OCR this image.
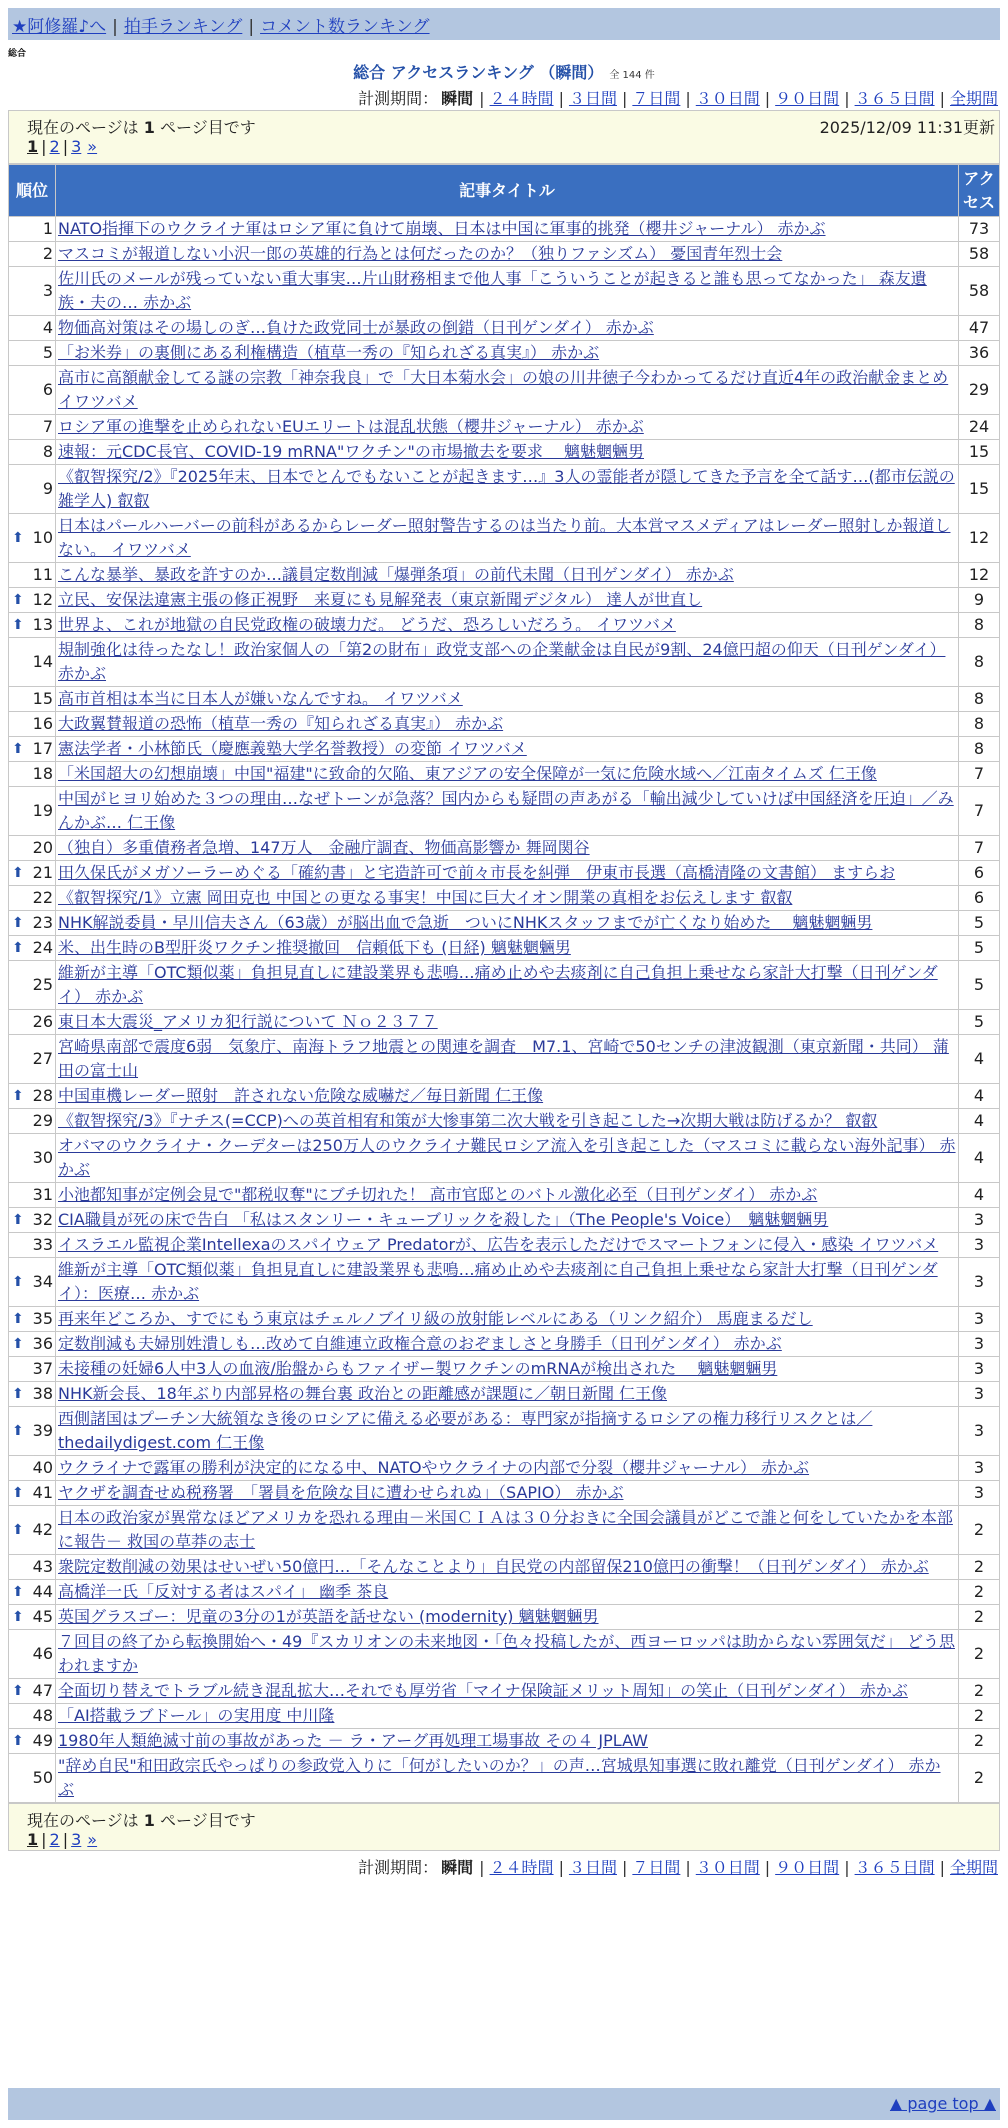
★阿修羅♪へ | 拍手ランキング | コメント数ランキング
総合
総合 アクセスランキング （瞬間） 全 144 件
計測期間： 瞬間 | ２４時間 | ３日間 | ７日間 | ３０日間 | ９０日間 | ３６５日間 | 全期間
現在のページは 1 ページ目です	2025/12/09 11:31更新
1 | 2 | 3 »
順位	記事タイトル	アクセス
1	NATO指揮下のウクライナ軍はロシア軍に負けて崩壊、日本は中国に軍事的挑発（櫻井ジャーナル） 赤かぶ	73
2	マスコミが報道しない小沢一郎の英雄的行為とは何だったのか？（独りファシズム） 憂国青年烈士会	58
3	佐川氏のメールが残っていない重大事実…片山財務相まで他人事「こういうことが起きると誰も思ってなかった」 森友遺族・夫の… 赤かぶ	58
4	物価高対策はその場しのぎ…負けた政党同士が暴政の倒錯（日刊ゲンダイ） 赤かぶ	47
5	「お米券」の裏側にある利権構造（植草一秀の『知られざる真実』） 赤かぶ	36
6	高市に高額献金してる謎の宗教「神奈我良」で「大日本菊水会」の娘の川井徳子今わかってるだけ直近4年の政治献金まとめ イワツバメ	29
7	ロシア軍の進撃を止められないEUエリートは混乱状態（櫻井ジャーナル） 赤かぶ	24
8	速報：元CDC長官、COVID-19 mRNA"ワクチン"の市場撤去を要求　 魑魅魍魎男	15
9	《叡智探究/2》『2025年末、日本でとんでもないことが起きます…』3人の霊能者が隠してきた予言を全て話す…(都市伝説の雑学人) 叡叡	15

⬆ 10	日本はパールハーバーの前科があるからレーダー照射警告するのは当たり前。大本営マスメディアはレーダー照射しか報道しない。 イワツバメ	12
11	こんな暴挙、暴政を許すのか…議員定数削減「爆弾条項」の前代未聞（日刊ゲンダイ） 赤かぶ	12

⬆ 12	立民、安保法違憲主張の修正視野　来夏にも見解発表（東京新聞デジタル） 達人が世直し	9

⬆ 13	世界よ、これが地獄の自民党政権の破壊力だ。 どうだ、恐ろしいだろう。 イワツバメ	8
14	規制強化は待ったなし！政治家個人の「第2の財布」政党支部への企業献金は自民が9割、24億円超の仰天（日刊ゲンダイ） 赤かぶ	8
15	高市首相は本当に日本人が嫌いなんですね。 イワツバメ	8
16	大政翼賛報道の恐怖（植草一秀の『知られざる真実』） 赤かぶ	8

⬆ 17	憲法学者・小林節氏（慶應義塾大学名誉教授）の変節 イワツバメ	8
18	「米国超大の幻想崩壊」中国"福建"に致命的欠陥、東アジアの安全保障が一気に危険水域へ／江南タイムズ 仁王像	7
19	中国がヒヨリ始めた３つの理由…なぜトーンが急落？国内からも疑問の声あがる「輸出減少していけば中国経済を圧迫」／みんかぶ… 仁王像	7
20	（独自）多重債務者急増、147万人　金融庁調査、物価高影響か 舞岡関谷	7

⬆ 21	田久保氏がメガソーラーめぐる「確約書」と宅造許可で前々市長を糾弾　伊東市長選（高橋清隆の文書館） ますらお	6
22	《叡智探究/1》立憲 岡田克也 中国との更なる事実！中国に巨大イオン開業の真相をお伝えします 叡叡	6

⬆ 23	NHK解説委員・早川信夫さん（63歳）が脳出血で急逝　ついにNHKスタッフまでが亡くなり始めた　 魑魅魍魎男	5

⬆ 24	米、出生時のB型肝炎ワクチン推奨撤回　信頼低下も (日経) 魑魅魍魎男	5
25	維新が主導「OTC類似薬」負担見直しに建設業界も悲鳴…痛め止めや去痰剤に自己負担上乗せなら家計大打撃（日刊ゲンダイ） 赤かぶ	5
26	東日本大震災_アメリカ犯行説について Ｎｏ２３７７	5
27	宮崎県南部で震度6弱　気象庁、南海トラフ地震との関連を調査　M7.1、宮崎で50センチの津波観測（東京新聞・共同） 蒲田の富士山	4

⬆ 28	中国車機レーダー照射　許されない危険な威嚇だ／毎日新聞 仁王像	4
29	《叡智探究/3》『ナチス(=CCP)への英首相宥和策が大惨事第二次大戦を引き起こした→次期大戦は防げるか？ 叡叡	4
30	オバマのウクライナ・クーデターは250万人のウクライナ難民ロシア流入を引き起こした（マスコミに載らない海外記事） 赤かぶ	4
31	小池都知事が定例会見で"都税収奪"にブチ切れた！ 高市官邸とのバトル激化必至（日刊ゲンダイ） 赤かぶ	4

⬆ 32	CIA職員が死の床で告白 「私はスタンリー・キューブリックを殺した」（The People's Voice）　魑魅魍魎男	3
33	イスラエル監視企業Intellexaのスパイウェア Predatorが、広告を表示しただけでスマートフォンに侵入・感染 イワツバメ	3

⬆ 34	維新が主導「OTC類似薬」負担見直しに建設業界も悲鳴…痛め止めや去痰剤に自己負担上乗せなら家計大打撃（日刊ゲンダイ）：医療… 赤かぶ	3

⬆ 35	再来年どころか、すでにもう東京はチェルノブイリ級の放射能レベルにある（リンク紹介） 馬鹿まるだし	3

⬆ 36	定数削減も夫婦別姓潰しも…改めて自維連立政権合意のおぞましさと身勝手（日刊ゲンダイ） 赤かぶ	3
37	未接種の妊婦6人中3人の血液/胎盤からもファイザー製ワクチンのmRNAが検出された　 魑魅魍魎男	3

⬆ 38	NHK新会長、18年ぶり内部昇格の舞台裏 政治との距離感が課題に／朝日新聞 仁王像	3

⬆ 39	西側諸国はプーチン大統領なき後のロシアに備える必要がある：専門家が指摘するロシアの権力移行リスクとは／thedailydigest.com 仁王像	3
40	ウクライナで露軍の勝利が決定的になる中、NATOやウクライナの内部で分裂（櫻井ジャーナル） 赤かぶ	3

⬆ 41	ヤクザを調査せぬ税務署　「署員を危険な目に遭わせられぬ」（SAPIO） 赤かぶ	3

⬆ 42	日本の政治家が異常なほどアメリカを恐れる理由－米国ＣＩＡは３０分おきに全国会議員がどこで誰と何をしていたかを本部に報告－ 救国の草莽の志士	2
43	衆院定数削減の効果はせいぜい50億円…「そんなことより」自民党の内部留保210億円の衝撃！（日刊ゲンダイ） 赤かぶ	2

⬆ 44	高橋洋一氏「反対する者はスパイ」 幽季 茶良	2

⬆ 45	英国グラスゴー：児童の3分の1が英語を話せない (modernity) 魑魅魍魎男	2
46	７回目の終了から転換開始へ・49『スカリオンの未来地図・「色々投稿したが、西ヨーロッパは助からない雰囲気だ」 どう思われますか	2

⬆ 47	全面切り替えでトラブル続き混乱拡大…それでも厚労省「マイナ保険証メリット周知」の笑止（日刊ゲンダイ） 赤かぶ	2
48	「AI搭載ラブドール」の実用度 中川隆	2

⬆ 49	1980年人類絶滅寸前の事故があった － ラ・アーグ再処理工場事故 その４ JPLAW	2
50	"辞め自民"和田政宗氏やっぱりの参政党入りに「何がしたいのか？」の声…宮城県知事選に敗れ離党（日刊ゲンダイ） 赤かぶ	2
現在のページは 1 ページ目です
1 | 2 | 3 »
計測期間： 瞬間 | ２４時間 | ３日間 | ７日間 | ３０日間 | ９０日間 | ３６５日間 | 全期間
▲ page top ▲
